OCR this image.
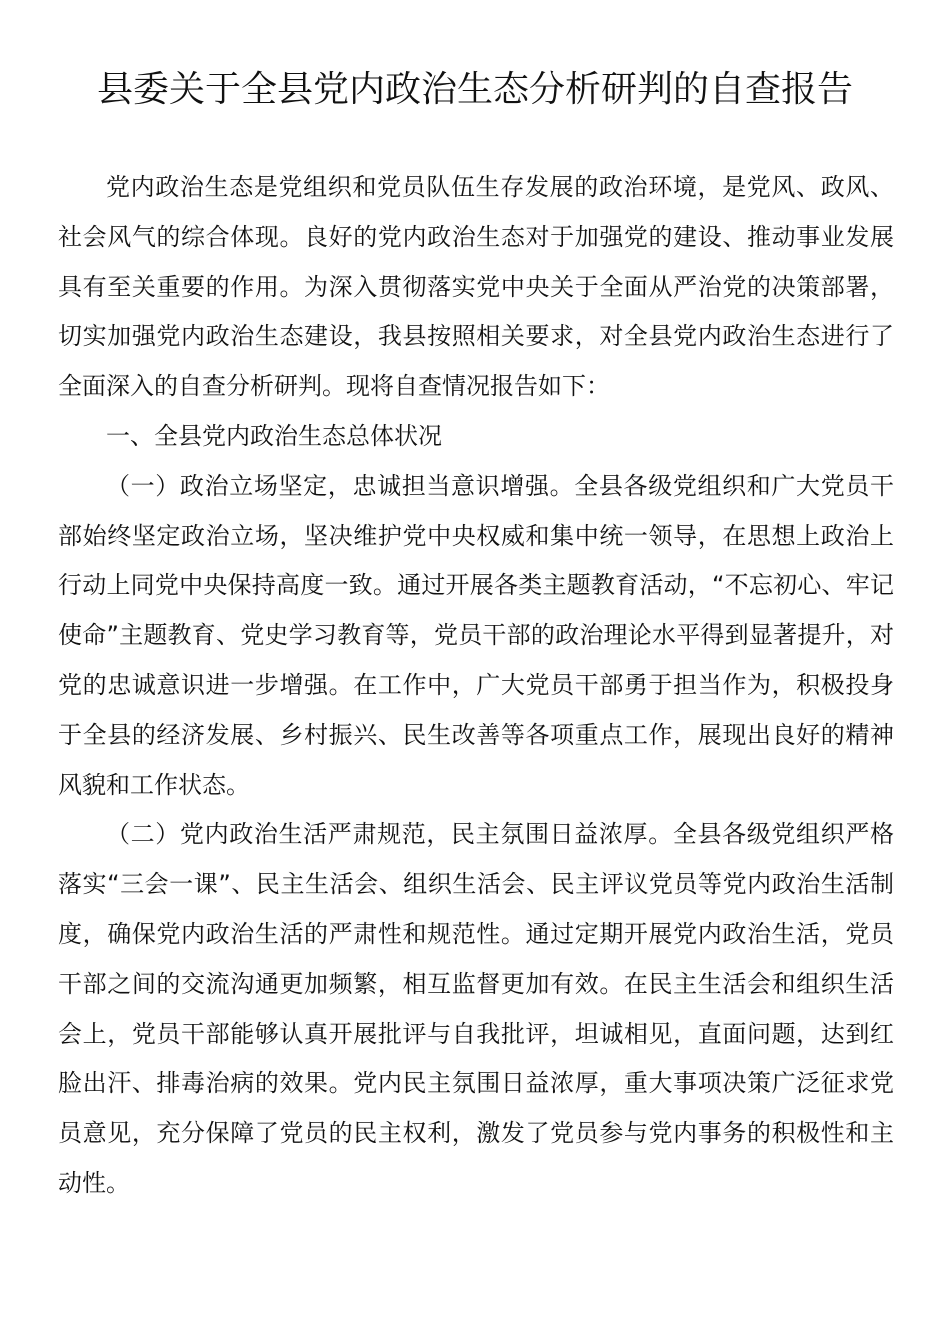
县委关于全县党内政治生态分析研判的自查报告

党内政治生态是党组织和党员队伍生存发展的政治环境，是党风、政风、社会风气的综合体现。良好的党内政治生态对于加强党的建设、推动事业发展具有至关重要的作用。为深入贯彻落实党中央关于全面从严治党的决策部署，切实加强党内政治生态建设，我县按照相关要求，对全县党内政治生态进行了全面深入的自查分析研判。现将自查情况报告如下：

一、全县党内政治生态总体状况

（一）政治立场坚定，忠诚担当意识增强。全县各级党组织和广大党员干部始终坚定政治立场，坚决维护党中央权威和集中统一领导，在思想上政治上行动上同党中央保持高度一致。通过开展各类主题教育活动，“不忘初心、牢记使命”主题教育、党史学习教育等，党员干部的政治理论水平得到显著提升，对党的忠诚意识进一步增强。在工作中，广大党员干部勇于担当作为，积极投身于全县的经济发展、乡村振兴、民生改善等各项重点工作，展现出良好的精神风貌和工作状态。

（二）党内政治生活严肃规范，民主氛围日益浓厚。全县各级党组织严格落实“三会一课”、民主生活会、组织生活会、民主评议党员等党内政治生活制度，确保党内政治生活的严肃性和规范性。通过定期开展党内政治生活，党员干部之间的交流沟通更加频繁，相互监督更加有效。在民主生活会和组织生活会上，党员干部能够认真开展批评与自我批评，坦诚相见，直面问题，达到红脸出汗、排毒治病的效果。党内民主氛围日益浓厚，重大事项决策广泛征求党员意见，充分保障了党员的民主权利，激发了党员参与党内事务的积极性和主动性。
